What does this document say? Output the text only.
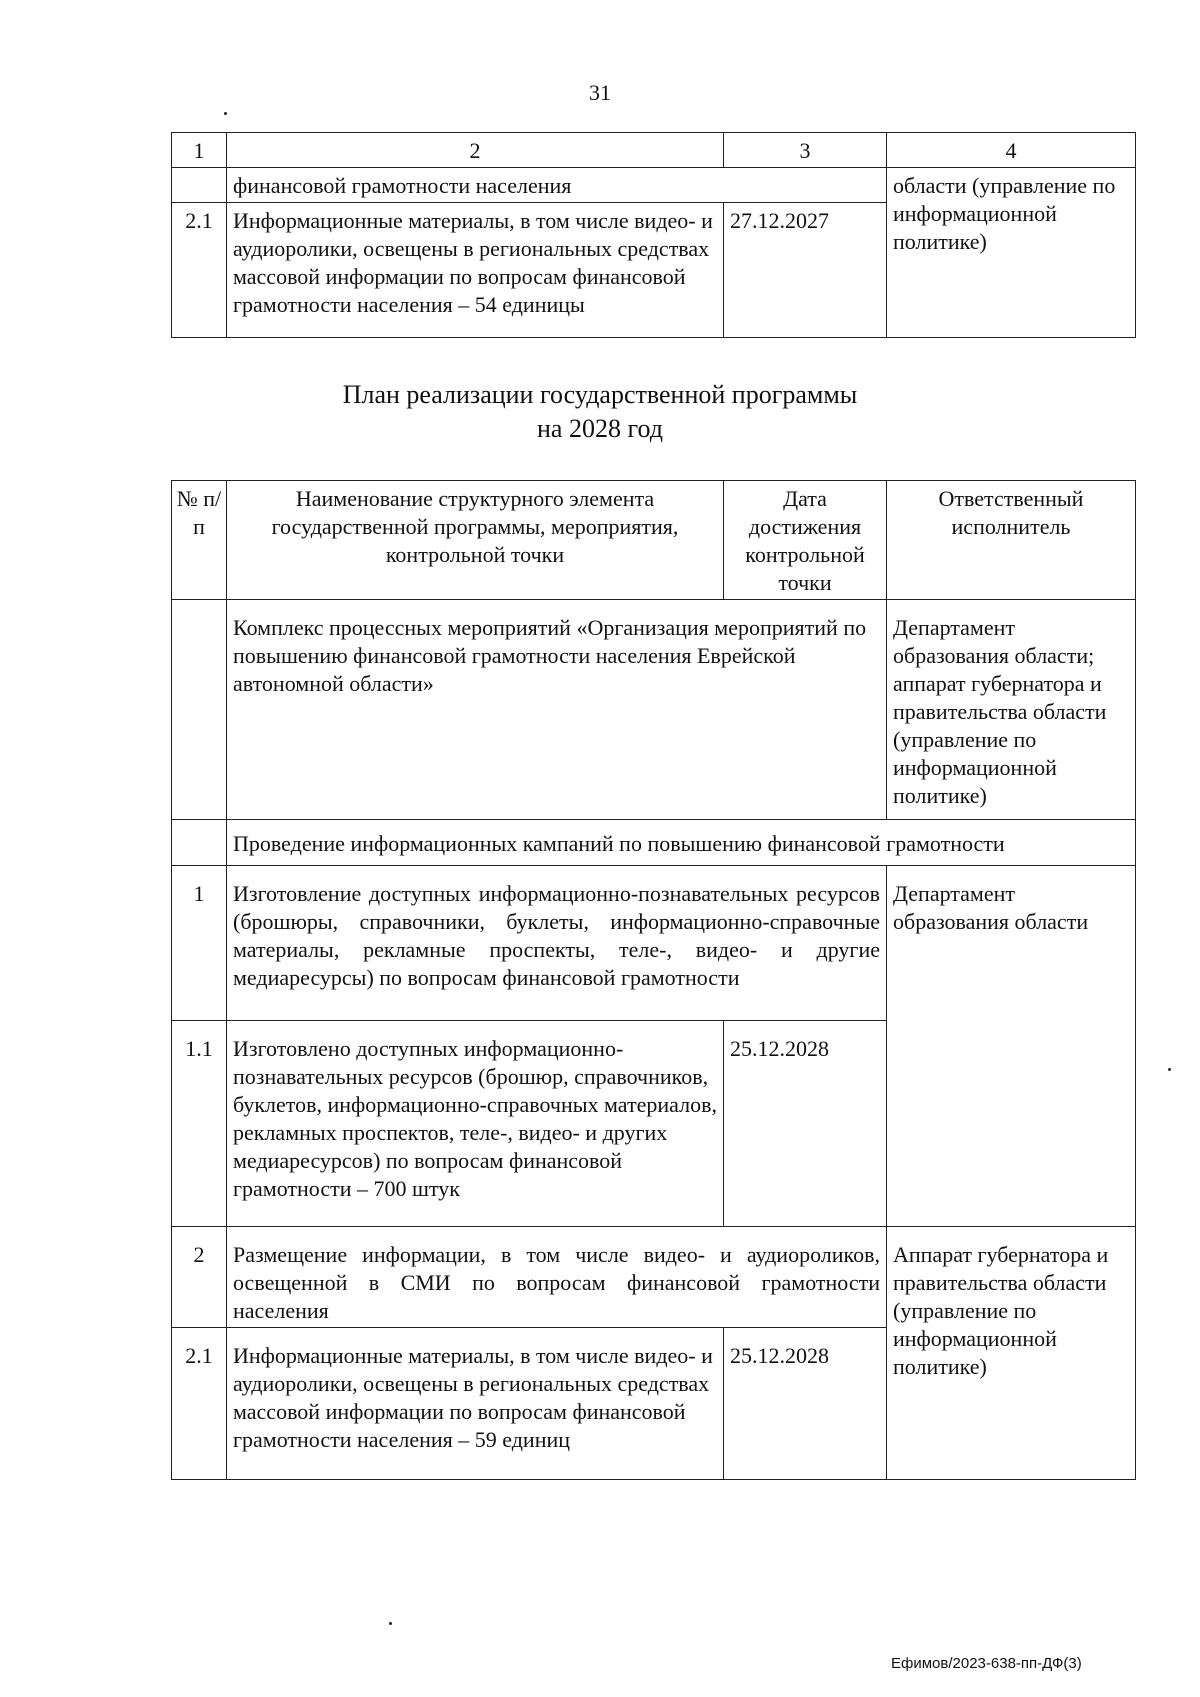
31
1	2	3	4
	финансовой грамотности населения		области (управление по информационной политике)
2.1	Информационные материалы, в том числе видео- и аудиоролики, освещены в региональных средствах массовой информации по вопросам финансовой грамотности населения – 54 единицы	27.12.2027	
План реализации государственной программы
на 2028 год
№ п/п	Наименование структурного элемента государственной программы, мероприятия, контрольной точки	Дата достижения контрольной точки	Ответственный исполнитель
	Комплекс процессных мероприятий «Организация мероприятий по повышению финансовой грамотности населения Еврейской автономной области»		Департамент образования области; аппарат губернатора и правительства области (управление по информационной политике)
	Проведение информационных кампаний по повышению финансовой грамотности		
1	Изготовление доступных информационно-познавательных ресурсов (брошюры, справочники, буклеты, информационно-справочные материалы, рекламные проспекты, теле-, видео- и другие медиаресурсы) по вопросам финансовой грамотности		Департамент образования области
1.1	Изготовлено доступных информационно-познавательных ресурсов (брошюр, справочников, буклетов, информационно-справочных материалов, рекламных проспектов, теле-, видео- и других медиаресурсов) по вопросам финансовой грамотности – 700 штук	25.12.2028	
2	Размещение информации, в том числе видео- и аудиороликов, освещенной в СМИ по вопросам финансовой грамотности населения		Аппарат губернатора и правительства области (управление по информационной политике)
2.1	Информационные материалы, в том числе видео- и аудиоролики, освещены в региональных средствах массовой информации по вопросам финансовой грамотности населения – 59 единиц	25.12.2028	
Ефимов/2023-638-пп-ДФ(3)
